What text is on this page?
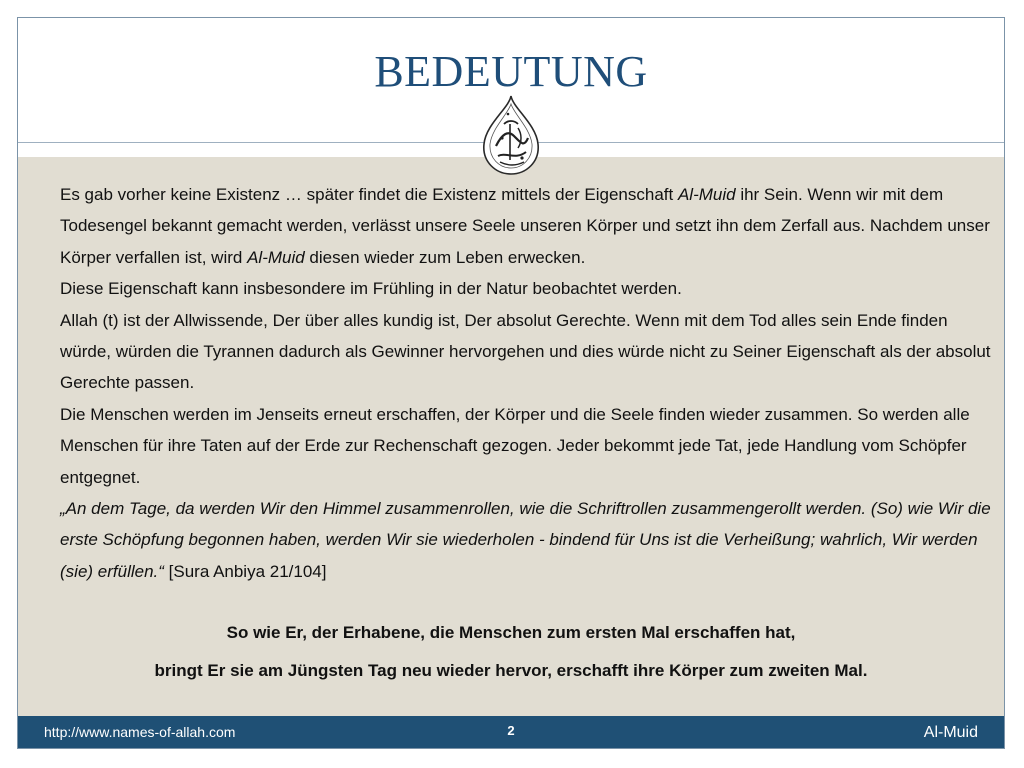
BEDEUTUNG

Es gab vorher keine Existenz … später findet die Existenz mittels der Eigenschaft Al-Muid ihr Sein. Wenn wir mit dem Todesengel bekannt gemacht werden, verlässt unsere Seele unseren Körper und setzt ihn dem Zerfall aus. Nachdem unser Körper verfallen ist, wird Al-Muid diesen wieder zum Leben erwecken.

Diese Eigenschaft kann insbesondere im Frühling in der Natur beobachtet werden.

Allah (t) ist der Allwissende, Der über alles kundig ist, Der absolut Gerechte. Wenn mit dem Tod alles sein Ende finden würde, würden die Tyrannen dadurch als Gewinner hervorgehen und dies würde nicht zu Seiner Eigenschaft als der absolut Gerechte passen.

Die Menschen werden im Jenseits erneut erschaffen, der Körper und die Seele finden wieder zusammen. So werden alle Menschen für ihre Taten auf der Erde zur Rechenschaft gezogen. Jeder bekommt jede Tat, jede Handlung vom Schöpfer entgegnet.

„An dem Tage, da werden Wir den Himmel zusammenrollen, wie die Schriftrollen zusammengerollt werden. (So) wie Wir die erste Schöpfung begonnen haben, werden Wir sie wiederholen - bindend für Uns ist die Verheißung; wahrlich, Wir werden (sie) erfüllen.“ [Sura Anbiya 21/104]

So wie Er, der Erhabene, die Menschen zum ersten Mal erschaffen hat,
bringt Er sie am Jüngsten Tag neu wieder hervor, erschafft ihre Körper zum zweiten Mal.
http://www.names-of-allah.com	2	Al-Muid
